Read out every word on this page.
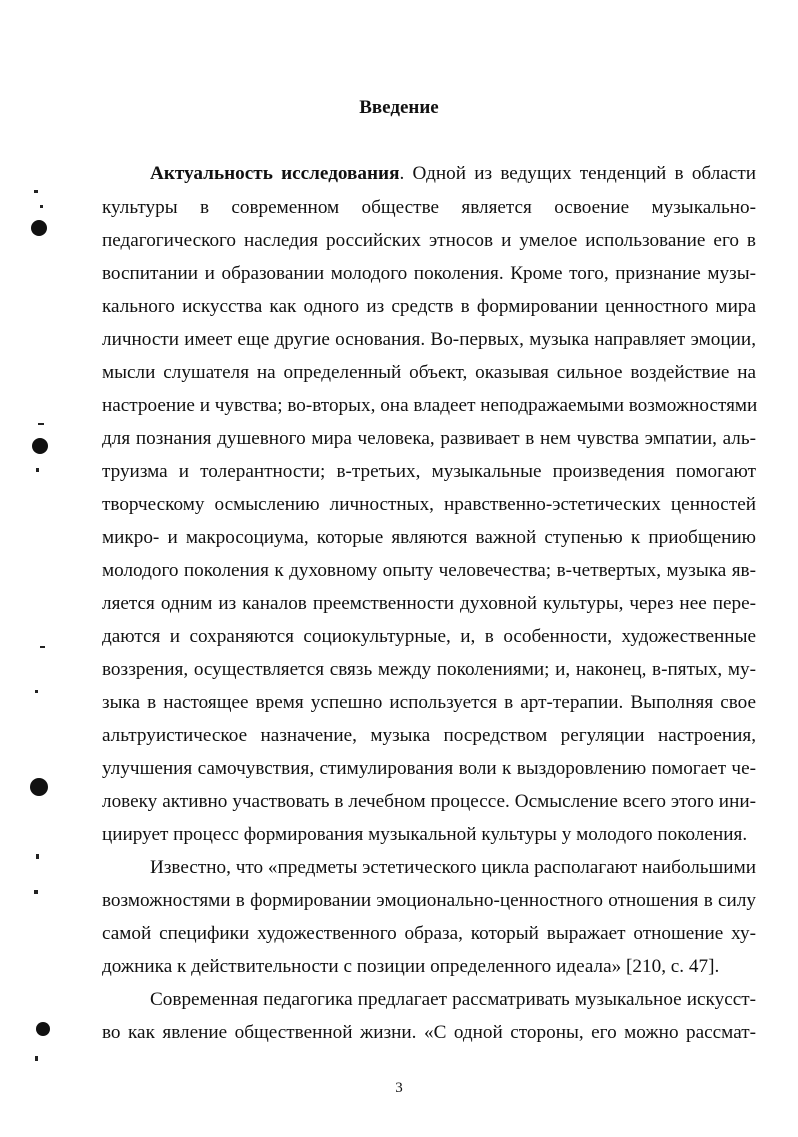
Введение
Актуальность исследования. Одной из ведущих тенденций в области
культуры в современном обществе является освоение музыкально-
педагогического наследия российских этносов и умелое использование его в
воспитании и образовании молодого поколения. Кроме того, признание музы-
кального искусства как одного из средств в формировании ценностного мира
личности имеет еще другие основания. Во-первых, музыка направляет эмоции,
мысли слушателя на определенный объект, оказывая сильное воздействие на
настроение и чувства; во-вторых, она владеет неподражаемыми возможностями
для познания душевного мира человека, развивает в нем чувства эмпатии, аль-
труизма и толерантности; в-третьих, музыкальные произведения помогают
творческому осмыслению личностных, нравственно-эстетических ценностей
микро- и макросоциума, которые являются важной ступенью к приобщению
молодого поколения к духовному опыту человечества; в-четвертых, музыка яв-
ляется одним из каналов преемственности духовной культуры, через нее пере-
даются и сохраняются социокультурные, и, в особенности, художественные
воззрения, осуществляется связь между поколениями; и, наконец, в-пятых, му-
зыка в настоящее время успешно используется в арт-терапии. Выполняя свое
альтруистическое назначение, музыка посредством регуляции настроения,
улучшения самочувствия, стимулирования воли к выздоровлению помогает че-
ловеку активно участвовать в лечебном процессе. Осмысление всего этого ини-
циирует процесс формирования музыкальной культуры у молодого поколения.
Известно, что «предметы эстетического цикла располагают наибольшими
возможностями в формировании эмоционально-ценностного отношения в силу
самой специфики художественного образа, который выражает отношение ху-
дожника к действительности с позиции определенного идеала» [210, с. 47].
Современная педагогика предлагает рассматривать музыкальное искусст-
во как явление общественной жизни. «С одной стороны, его можно рассмат-
3
